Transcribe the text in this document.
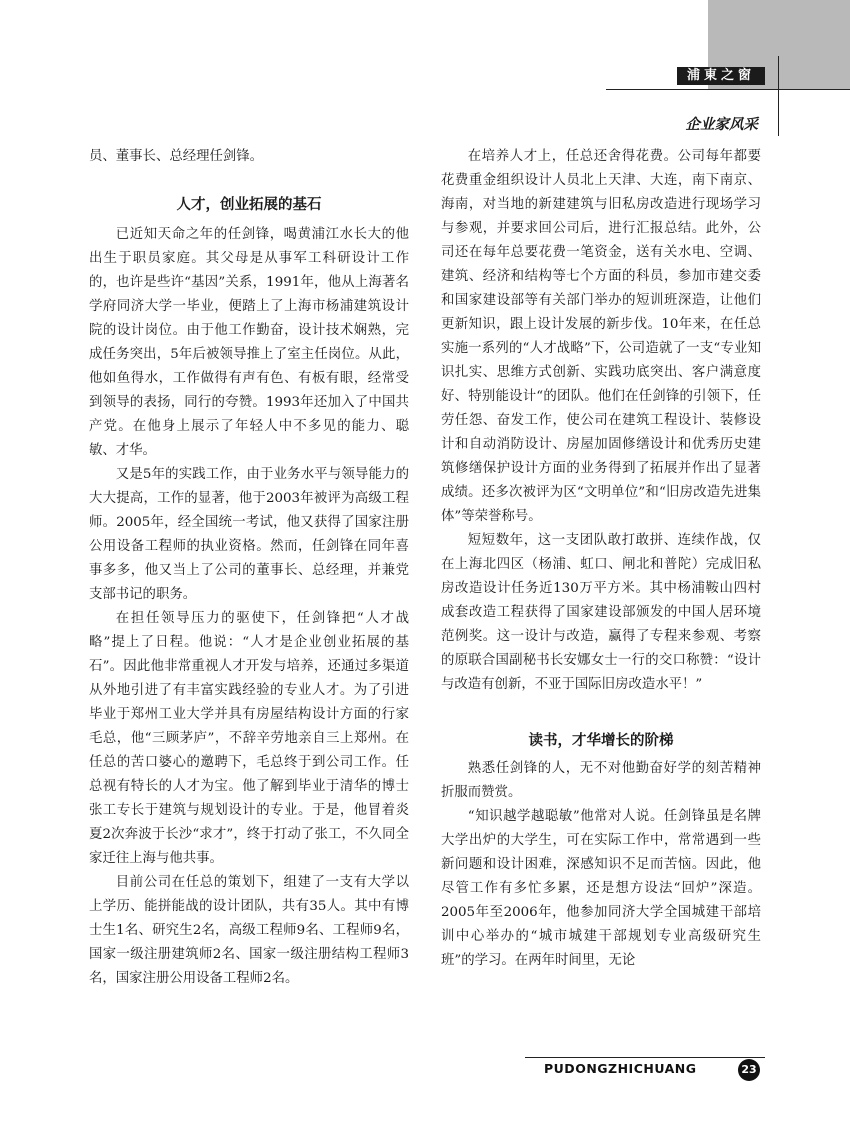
浦東之窗
企业家风采

员、董事长、总经理任剑锋。

人才，创业拓展的基石

已近知天命之年的任剑锋，喝黄浦江水长大的他出生于职员家庭。其父母是从事军工科研设计工作的，也许是些许“基因”关系，1991年，他从上海著名学府同济大学一毕业，便踏上了上海市杨浦建筑设计院的设计岗位。由于他工作勤奋，设计技术娴熟，完成任务突出，5年后被领导推上了室主任岗位。从此，他如鱼得水，工作做得有声有色、有板有眼，经常受到领导的表扬，同行的夸赞。1993年还加入了中国共产党。在他身上展示了年轻人中不多见的能力、聪敏、才华。

又是5年的实践工作，由于业务水平与领导能力的大大提高，工作的显著，他于2003年被评为高级工程师。2005年，经全国统一考试，他又获得了国家注册公用设备工程师的执业资格。然而，任剑锋在同年喜事多多，他又当上了公司的董事长、总经理，并兼党支部书记的职务。

在担任领导压力的驱使下，任剑锋把“人才战略”提上了日程。他说：“人才是企业创业拓展的基石”。因此他非常重视人才开发与培养，还通过多渠道从外地引进了有丰富实践经验的专业人才。为了引进毕业于郑州工业大学并具有房屋结构设计方面的行家毛总，他“三顾茅庐”，不辞辛劳地亲自三上郑州。在任总的苦口婆心的邀聘下，毛总终于到公司工作。任总视有特长的人才为宝。他了解到毕业于清华的博士张工专长于建筑与规划设计的专业。于是，他冒着炎夏2次奔波于长沙“求才”，终于打动了张工，不久同全家迁往上海与他共事。

目前公司在任总的策划下，组建了一支有大学以上学历、能拼能战的设计团队，共有35人。其中有博士生1名、研究生2名，高级工程师9名、工程师9名，国家一级注册建筑师2名、国家一级注册结构工程师3名，国家注册公用设备工程师2名。

在培养人才上，任总还舍得花费。公司每年都要花费重金组织设计人员北上天津、大连，南下南京、海南，对当地的新建建筑与旧私房改造进行现场学习与参观，并要求回公司后，进行汇报总结。此外，公司还在每年总要花费一笔资金，送有关水电、空调、建筑、经济和结构等七个方面的科员，参加市建交委和国家建设部等有关部门举办的短训班深造，让他们更新知识，跟上设计发展的新步伐。10年来，在任总实施一系列的“人才战略”下，公司造就了一支“专业知识扎实、思维方式创新、实践功底突出、客户满意度好、特别能设计“的团队。他们在任剑锋的引领下，任劳任怨、奋发工作，使公司在建筑工程设计、装修设计和自动消防设计、房屋加固修缮设计和优秀历史建筑修缮保护设计方面的业务得到了拓展并作出了显著成绩。还多次被评为区“文明单位”和“旧房改造先进集体”等荣誉称号。

短短数年，这一支团队敢打敢拼、连续作战，仅在上海北四区（杨浦、虹口、闸北和普陀）完成旧私房改造设计任务近130万平方米。其中杨浦鞍山四村成套改造工程获得了国家建设部颁发的中国人居环境范例奖。这一设计与改造，赢得了专程来参观、考察的原联合国副秘书长安娜女士一行的交口称赞：“设计与改造有创新，不亚于国际旧房改造水平！”

读书，才华增长的阶梯

熟悉任剑锋的人，无不对他勤奋好学的刻苦精神折服而赞赏。

“知识越学越聪敏”他常对人说。任剑锋虽是名牌大学出炉的大学生，可在实际工作中，常常遇到一些新问题和设计困难，深感知识不足而苦恼。因此，他尽管工作有多忙多累，还是想方设法“回炉”深造。2005年至2006年，他参加同济大学全国城建干部培训中心举办的“城市城建干部规划专业高级研究生班”的学习。在两年时间里，无论

PUDONGZHICHUANG	23
